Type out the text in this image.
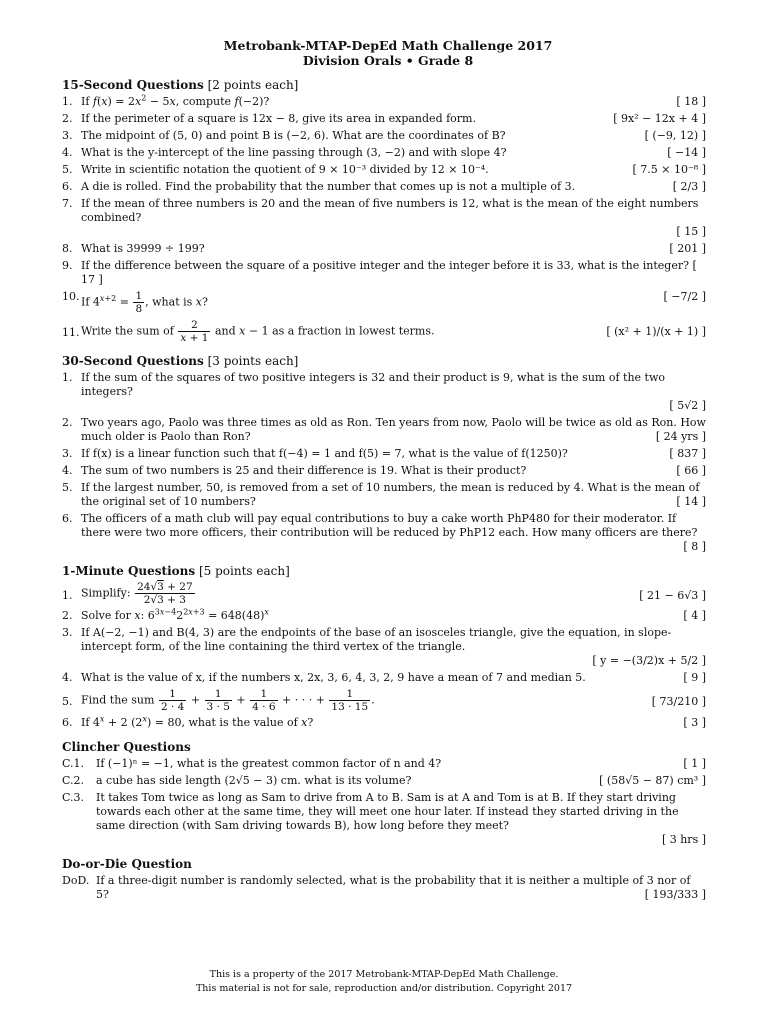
Metrobank-MTAP-DepEd Math Challenge 2017
Division Orals • Grade 8
15-Second Questions [2 points each]
1. If $f(x) = 2x^2 - 5x$, compute f(−2)?	[ 18 ]
2. If the perimeter of a square is 12x − 8, give its area in expanded form.	[ 9x² − 12x + 4 ]
3. The midpoint of (5, 0) and point B is (−2, 6). What are the coordinates of B?	[ (−9, 12) ]
4. What is the y-intercept of the line passing through (3, −2) and with slope 4?	[ −14 ]
5. Write in scientific notation the quotient of 9 × 10⁻³ divided by 12 × 10⁻⁴.	[ 7.5 × 10⁻⁸ ]
6. A die is rolled. Find the probability that the number that comes up is not a multiple of 3.	[ 2/3 ]
7. If the mean of three numbers is 20 and the mean of five numbers is 12, what is the mean of the eight numbers combined?
[ 15 ]
8. What is 39999 ÷ 199?	[ 201 ]
9. If the difference between the square of a positive integer and the integer before it is 33, what is the integer? [ 17 ]
10. If $4^{x+2} = \frac{1}{8}$ , what is x?	[ −7/2 ]
11. Write the sum of $\frac{2}{x + 1}$ and x − 1 as a fraction in lowest terms.	[ (x² + 1)/(x + 1) ]
30-Second Questions [3 points each]
1. If the sum of the squares of two positive integers is 32 and their product is 9, what is the sum of the two integers?
[ 5√2 ]
2. Two years ago, Paolo was three times as old as Ron. Ten years from now, Paolo will be twice as old as Ron. How much older is Paolo than Ron?	[ 24 yrs ]
3. If f(x) is a linear function such that f(−4) = 1 and f(5) = 7, what is the value of f(1250)?	[ 837 ]
4. The sum of two numbers is 25 and their difference is 19. What is their product?	[ 66 ]
5. If the largest number, 50, is removed from a set of 10 numbers, the mean is reduced by 4. What is the mean of the original set of 10 numbers?	[ 14 ]
6. The officers of a math club will pay equal contributions to buy a cake worth PhP480 for their moderator. If there were two more officers, their contribution will be reduced by PhP12 each. How many officers are there?
[ 8 ]
1-Minute Questions [5 points each]
1. Simplify: $\frac{24√3 + 27}{2√3 + 3}$	[ 21 − 6√3 ]
2. Solve for x: $6^{3x-4}2^{2x+3} = 648(48)^x$	[ 4 ]
3. If A(−2, −1) and B(4, 3) are the endpoints of the base of an isosceles triangle, give the equation, in slope-intercept form, of the line containing the third vertex of the triangle.
[ y = −(3/2)x + 5/2 ]
4. What is the value of x, if the numbers x, 2x, 3, 6, 4, 3, 2, 9 have a mean of 7 and median 5.	[ 9 ]
5. Find the sum $\frac{1}{2 \cdot 4} + \frac{1}{3 \cdot 5} + \frac{1}{4 \cdot 6}$ + · · · + $\frac{1}{13 \cdot 15}$ .	[ 73/210 ]
6. If $4^x + 2$ $(2^x) = 80$, what is the value of x?	[ 3 ]
Clincher Questions
C.1. If (−1)ⁿ = −1, what is the greatest common factor of n and 4?	[ 1 ]
C.2. a cube has side length (2√5 − 3) cm. what is its volume?	[ (58√5 − 87) cm³ ]
C.3. It takes Tom twice as long as Sam to drive from A to B. Sam is at A and Tom is at B. If they start driving towards each other at the same time, they will meet one hour later. If instead they started driving in the same direction (with Sam driving towards B), how long before they meet?
[ 3 hrs ]
Do-or-Die Question
DoD. If a three-digit number is randomly selected, what is the probability that it is neither a multiple of 3 nor of 5?	[ 193/333 ]
This is a property of the 2017 Metrobank-MTAP-DepEd Math Challenge.
This material is not for sale, reproduction and/or distribution. Copyright 2017
